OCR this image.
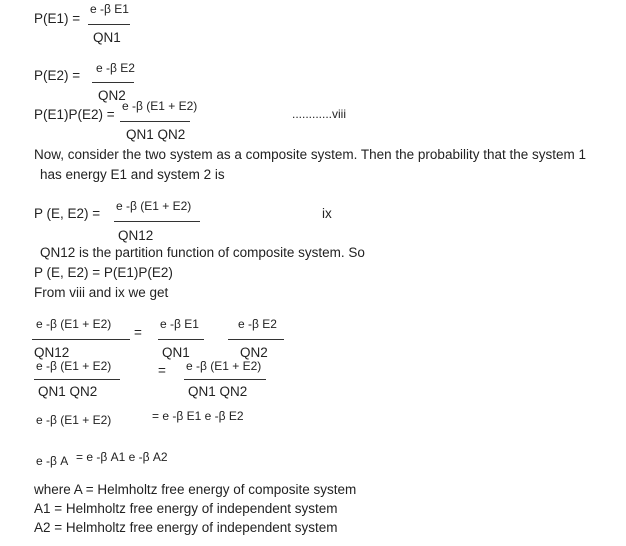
P(E1) =
e -β E1
QN1
P(E2) = e -β E2
QN2
P(E1)P(E2) =
e -β (E1 + E2)
QN1 QN2
............viii
Now, consider the two system as a composite system. Then the probability that the system 1
has energy E1 and system 2 is
P (E, E2) = e -β (E1 + E2)
QN12
ix
QN12 is the partition function of composite system. So
P (E, E2) = P(E1)P(E2)
From viii and ix we get
e -β (E1 + E2)
QN12
=
e -β E1
QN1
e -β E2
QN2
e -β (E1 + E2)
QN1 QN2
= e -β (E1 + E2)
QN1 QN2
e -β (E1 + E2)	= e -β E1 e -β E2
e -β A = e -β A1 e -β A2
where A = Helmholtz free energy of composite system
A1 = Helmholtz free energy of independent system
A2 = Helmholtz free energy of independent system
